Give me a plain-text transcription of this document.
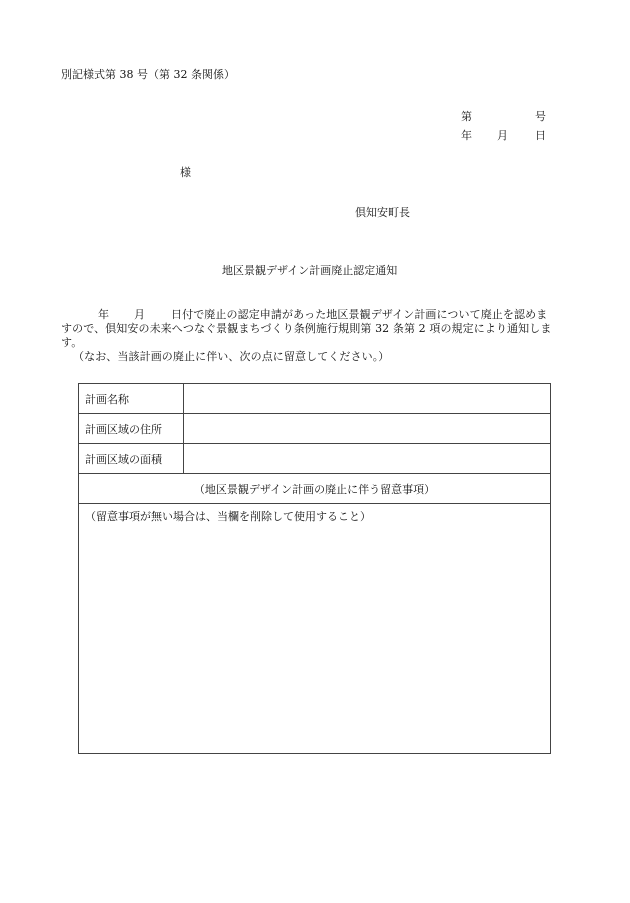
別記様式第 38 号（第 32 条関係）
第	号
年 月 日
様
倶知安町長
地区景観デザイン計画廃止認定通知
年 月 日付で廃止の認定申請があった地区景観デザイン計画について廃止を認めま
すので、倶知安の未来へつなぐ景観まちづくり条例施行規則第 32 条第 2 項の規定により通知しま
す。
（なお、当該計画の廃止に伴い、次の点に留意してください。）
計画名称	
計画区域の住所	
計画区域の面積	
（地区景観デザイン計画の廃止に伴う留意事項）	
（留意事項が無い場合は、当欄を削除して使用すること）	
